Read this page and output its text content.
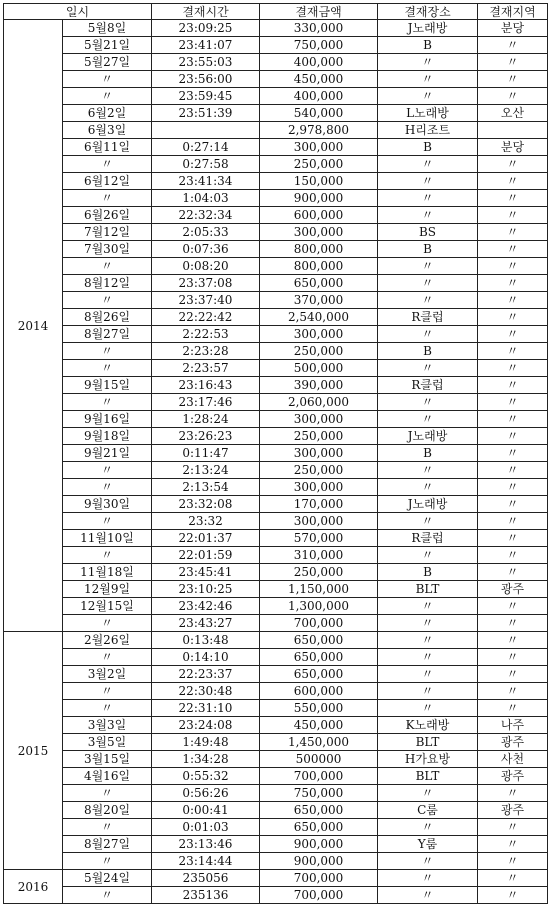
일시		결재시간	결재금액	결재장소	결재지역
2014	5월8일	23:09:25	330,000	J노래방	분당
	5월21일	23:41:07	750,000	B	〃
	5월27일	23:55:03	400,000	〃	〃
	〃	23:56:00	450,000	〃	〃
	〃	23:59:45	400,000	〃	〃
	6월2일	23:51:39	540,000	L노래방	오산
	6월3일		2,978,800	H리조트	
	6월11일	0:27:14	300,000	B	분당
	〃	0:27:58	250,000	〃	〃
	6월12일	23:41:34	150,000	〃	〃
	〃	1:04:03	900,000	〃	〃
	6월26일	22:32:34	600,000	〃	〃
	7월12일	2:05:33	300,000	BS	〃
	7월30일	0:07:36	800,000	B	〃
	〃	0:08:20	800,000	〃	〃
	8월12일	23:37:08	650,000	〃	〃
	〃	23:37:40	370,000	〃	〃
	8월26일	22:22:42	2,540,000	R클럽	〃
	8월27일	2:22:53	300,000	〃	〃
	〃	2:23:28	250,000	B	〃
	〃	2:23:57	500,000	〃	〃
	9월15일	23:16:43	390,000	R클럽	〃
	〃	23:17:46	2,060,000	〃	〃
	9월16일	1:28:24	300,000	〃	〃
	9월18일	23:26:23	250,000	J노래방	〃
	9월21일	0:11:47	300,000	B	〃
	〃	2:13:24	250,000	〃	〃
	〃	2:13:54	300,000	〃	〃
	9월30일	23:32:08	170,000	J노래방	〃
	〃	23:32	300,000	〃	〃
	11월10일	22:01:37	570,000	R클럽	〃
	〃	22:01:59	310,000	〃	〃
	11월18일	23:45:41	250,000	B	〃
	12월9일	23:10:25	1,150,000	BLT	광주
	12월15일	23:42:46	1,300,000	〃	〃
	〃	23:43:27	700,000	〃	〃
2015	2월26일	0:13:48	650,000	〃	〃
	〃	0:14:10	650,000	〃	〃
	3월2일	22:23:37	650,000	〃	〃
	〃	22:30:48	600,000	〃	〃
	〃	22:31:10	550,000	〃	〃
	3월3일	23:24:08	450,000	K노래방	나주
	3월5일	1:49:48	1,450,000	BLT	광주
	3월15일	1:34:28	500000	H가요방	사천
	4월16일	0:55:32	700,000	BLT	광주
	〃	0:56:26	750,000	〃	〃
	8월20일	0:00:41	650,000	C룸	광주
	〃	0:01:03	650,000	〃	〃
	8월27일	23:13:46	900,000	Y룸	〃
	〃	23:14:44	900,000	〃	〃
2016	5월24일	235056	700,000	〃	〃
	〃	235136	700,000	〃	〃
